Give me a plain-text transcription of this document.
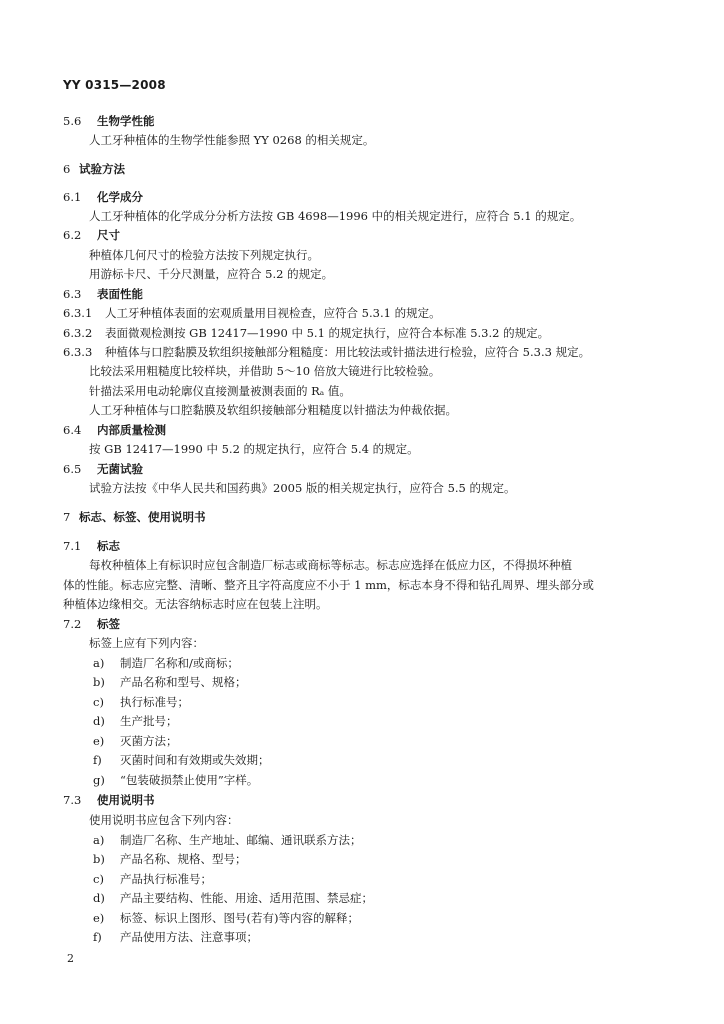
YY 0315—2008
5.6 生物学性能
人工牙种植体的生物学性能参照 YY 0268 的相关规定。
6 试验方法
6.1 化学成分
人工牙种植体的化学成分分析方法按 GB 4698—1996 中的相关规定进行，应符合 5.1 的规定。
6.2 尺寸
种植体几何尺寸的检验方法按下列规定执行。
用游标卡尺、千分尺测量，应符合 5.2 的规定。
6.3 表面性能
6.3.1 人工牙种植体表面的宏观质量用目视检查，应符合 5.3.1 的规定。
6.3.2 表面微观检测按 GB 12417—1990 中 5.1 的规定执行，应符合本标准 5.3.2 的规定。
6.3.3 种植体与口腔黏膜及软组织接触部分粗糙度：用比较法或针描法进行检验，应符合 5.3.3 规定。
比较法采用粗糙度比较样块，并借助 5～10 倍放大镜进行比较检验。
针描法采用电动轮廓仪直接测量被测表面的 Rₐ 值。
人工牙种植体与口腔黏膜及软组织接触部分粗糙度以针描法为仲裁依据。
6.4 内部质量检测
按 GB 12417—1990 中 5.2 的规定执行，应符合 5.4 的规定。
6.5 无菌试验
试验方法按《中华人民共和国药典》2005 版的相关规定执行，应符合 5.5 的规定。
7 标志、标签、使用说明书
7.1 标志
每枚种植体上有标识时应包含制造厂标志或商标等标志。标志应选择在低应力区，不得损坏种植
体的性能。标志应完整、清晰、整齐且字符高度应不小于 1 mm，标志本身不得和钻孔周界、埋头部分或
种植体边缘相交。无法容纳标志时应在包装上注明。
7.2 标签
标签上应有下列内容：
a) 制造厂名称和/或商标；
b) 产品名称和型号、规格；
c) 执行标准号；
d) 生产批号；
e) 灭菌方法；
f) 灭菌时间和有效期或失效期；
g) “包装破损禁止使用”字样。
7.3 使用说明书
使用说明书应包含下列内容：
a) 制造厂名称、生产地址、邮编、通讯联系方法；
b) 产品名称、规格、型号；
c) 产品执行标准号；
d) 产品主要结构、性能、用途、适用范围、禁忌症；
e) 标签、标识上图形、图号(若有)等内容的解释；
f) 产品使用方法、注意事项；
2
